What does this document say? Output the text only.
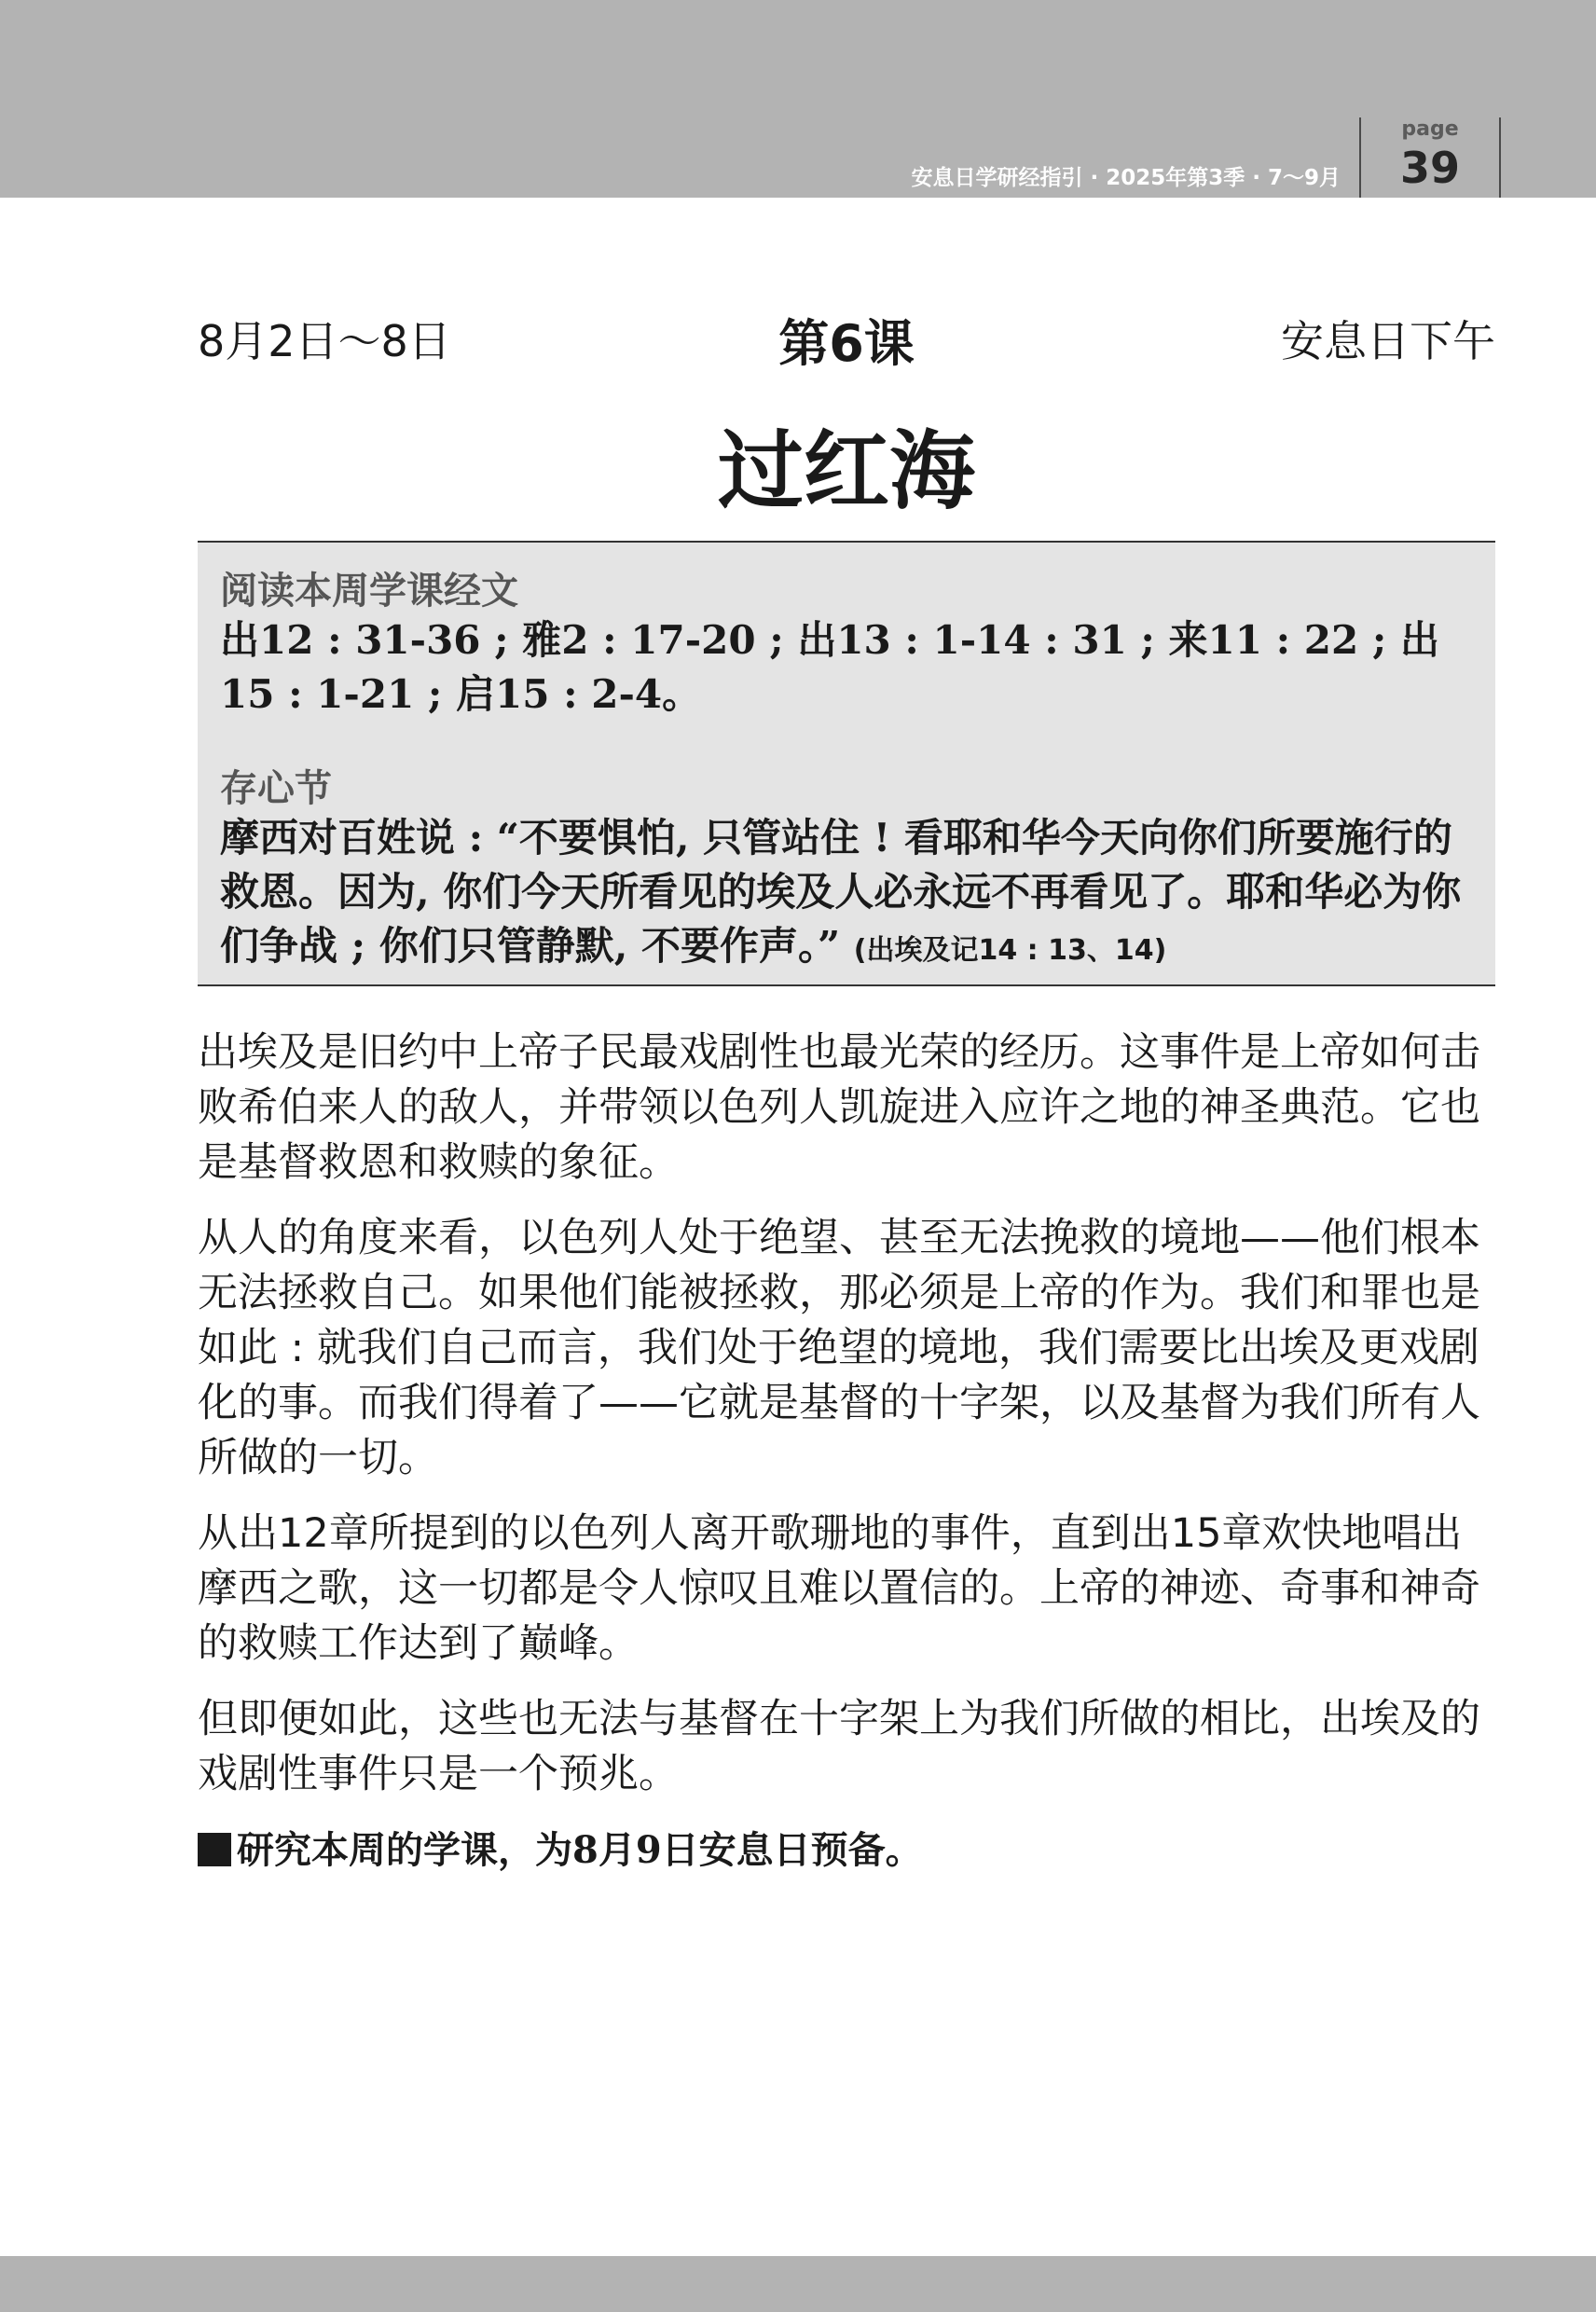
安息日学研经指引 · 2025年第3季 · 7～9月
page
39
8月2日～8日	第6课	安息日下午
过红海
阅读本周学课经文
出12 : 31-36 ; 雅2 : 17-20 ; 出13 : 1-14 : 31 ; 来11 : 22 ; 出15 : 1-21 ; 启15 : 2-4。
存心节
摩西对百姓说 : “不要惧怕, 只管站住 ! 看耶和华今天向你们所要施行的救恩。因为, 你们今天所看见的埃及人必永远不再看见了。耶和华必为你们争战 ; 你们只管静默, 不要作声。” (出埃及记14 : 13、14)

出埃及是旧约中上帝子民最戏剧性也最光荣的经历。这事件是上帝如何击败希伯来人的敌人，并带领以色列人凯旋进入应许之地的神圣典范。它也是基督救恩和救赎的象征。

从人的角度来看，以色列人处于绝望、甚至无法挽救的境地——他们根本无法拯救自己。如果他们能被拯救，那必须是上帝的作为。我们和罪也是如此 : 就我们自己而言，我们处于绝望的境地，我们需要比出埃及更戏剧化的事。而我们得着了——它就是基督的十字架，以及基督为我们所有人所做的一切。

从出12章所提到的以色列人离开歌珊地的事件，直到出15章欢快地唱出摩西之歌，这一切都是令人惊叹且难以置信的。上帝的神迹、奇事和神奇的救赎工作达到了巅峰。

但即便如此，这些也无法与基督在十字架上为我们所做的相比，出埃及的戏剧性事件只是一个预兆。

研究本周的学课，为8月9日安息日预备。
